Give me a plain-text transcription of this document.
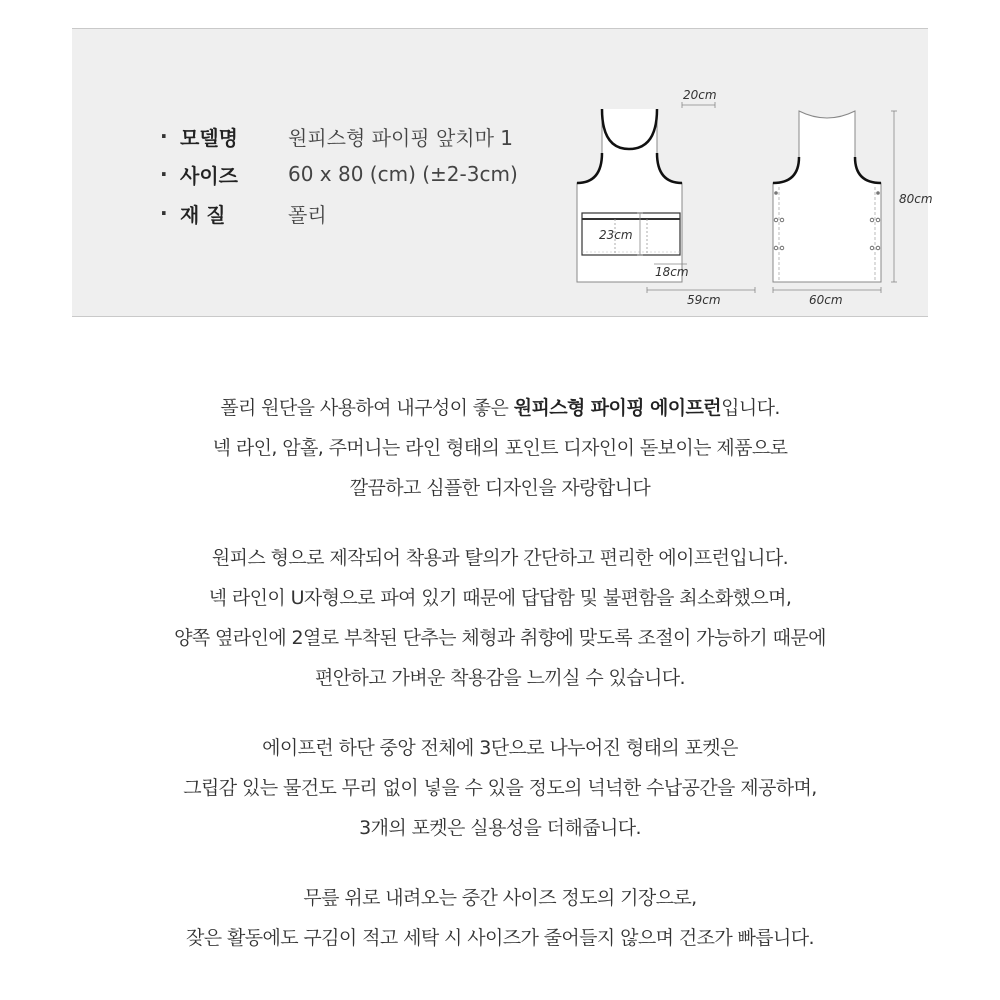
· 모델명	원피스형 파이핑 앞치마 1
· 사이즈	60 x 80 (cm) (±2-3cm)
· 재 질	폴리
20cm
23cm
18cm
59cm	60cm
80cm
폴리 원단을 사용하여 내구성이 좋은 원피스형 파이핑 에이프런입니다.
넥 라인, 암홀, 주머니는 라인 형태의 포인트 디자인이 돋보이는 제품으로
깔끔하고 심플한 디자인을 자랑합니다
원피스 형으로 제작되어 착용과 탈의가 간단하고 편리한 에이프런입니다.
넥 라인이 U자형으로 파여 있기 때문에 답답함 및 불편함을 최소화했으며,
양쪽 옆라인에 2열로 부착된 단추는 체형과 취향에 맞도록 조절이 가능하기 때문에
편안하고 가벼운 착용감을 느끼실 수 있습니다.
에이프런 하단 중앙 전체에 3단으로 나누어진 형태의 포켓은
그립감 있는 물건도 무리 없이 넣을 수 있을 정도의 넉넉한 수납공간을 제공하며,
3개의 포켓은 실용성을 더해줍니다.
무릎 위로 내려오는 중간 사이즈 정도의 기장으로,
잦은 활동에도 구김이 적고 세탁 시 사이즈가 줄어들지 않으며 건조가 빠릅니다.
